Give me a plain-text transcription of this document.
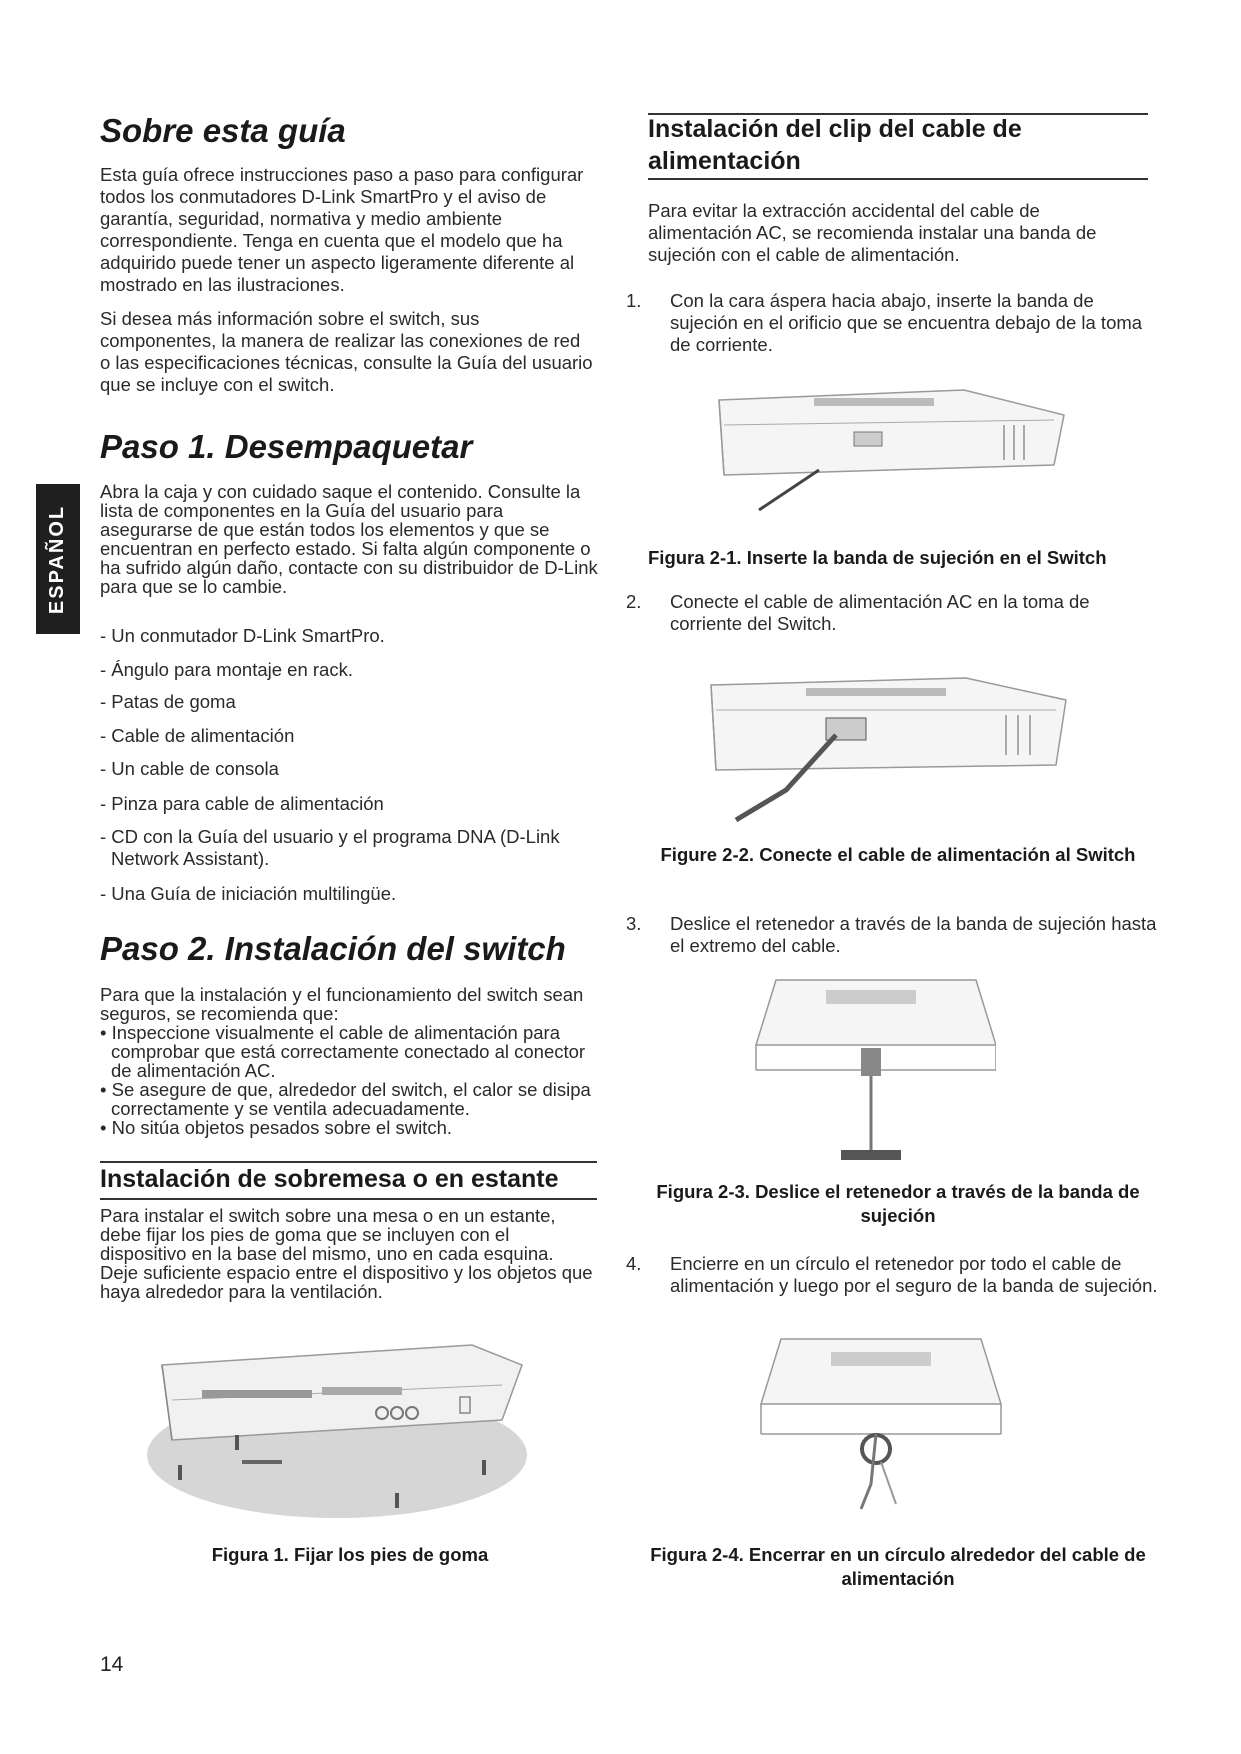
ESPAÑOL
Sobre esta guía

Esta guía ofrece instrucciones paso a paso para configurar todos los conmutadores D-Link SmartPro y el aviso de garantía, seguridad, normativa y medio ambiente correspondiente. Tenga en cuenta que el modelo que ha adquirido puede tener un aspecto ligeramente diferente al mostrado en las ilustraciones.

Si desea más información sobre el switch, sus componentes, la manera de realizar las conexiones de red o las especificaciones técnicas, consulte la Guía del usuario que se incluye con el switch.

Paso 1. Desempaquetar

Abra la caja y con cuidado saque el contenido. Consulte la lista de componentes en la Guía del usuario para asegurarse de que están todos los elementos y que se encuentran en perfecto estado. Si falta algún componente o ha sufrido algún daño, contacte con su distribuidor de D-Link para que se lo cambie.

- Un conmutador D-Link SmartPro.
- Ángulo para montaje en rack.
- Patas de goma
- Cable de alimentación
- Un cable de consola
- Pinza para cable de alimentación
- CD con la Guía del usuario y el programa DNA (D-Link Network Assistant).
- Una Guía de iniciación multilingüe.
Paso 2. Instalación del switch

Para que la instalación y el funcionamiento del switch sean seguros, se recomienda que:

• Inspeccione visualmente el cable de alimentación para comprobar que está correctamente conectado al conector de alimentación AC.
• Se asegure de que, alrededor del switch, el calor se disipa correctamente y se ventila adecuadamente.
• No sitúa objetos pesados sobre el switch.
Instalación de sobremesa o en estante

Para instalar el switch sobre una mesa o en un estante, debe fijar los pies de goma que se incluyen con el dispositivo en la base del mismo, uno en cada esquina. Deje suficiente espacio entre el dispositivo y los objetos que haya alrededor para la ventilación.

Figura 1. Fijar los pies de goma
Instalación del clip del cable de alimentación

Para evitar la extracción accidental del cable de alimentación AC, se recomienda instalar una banda de sujeción con el cable de alimentación.

1. Con la cara áspera hacia abajo, inserte la banda de sujeción en el orificio que se encuentra debajo de la toma de corriente.
Figura 2-1. Inserte la banda de sujeción en el Switch
2. Conecte el cable de alimentación AC en la toma de corriente del Switch.
Figure 2-2. Conecte el cable de alimentación al Switch
3. Deslice el retenedor a través de la banda de sujeción hasta el extremo del cable.
Figura 2-3. Deslice el retenedor a través de la banda de sujeción
4. Encierre en un círculo el retenedor por todo el cable de alimentación y luego por el seguro de la banda de sujeción.
Figura 2-4. Encerrar en un círculo alrededor del cable de alimentación
14
